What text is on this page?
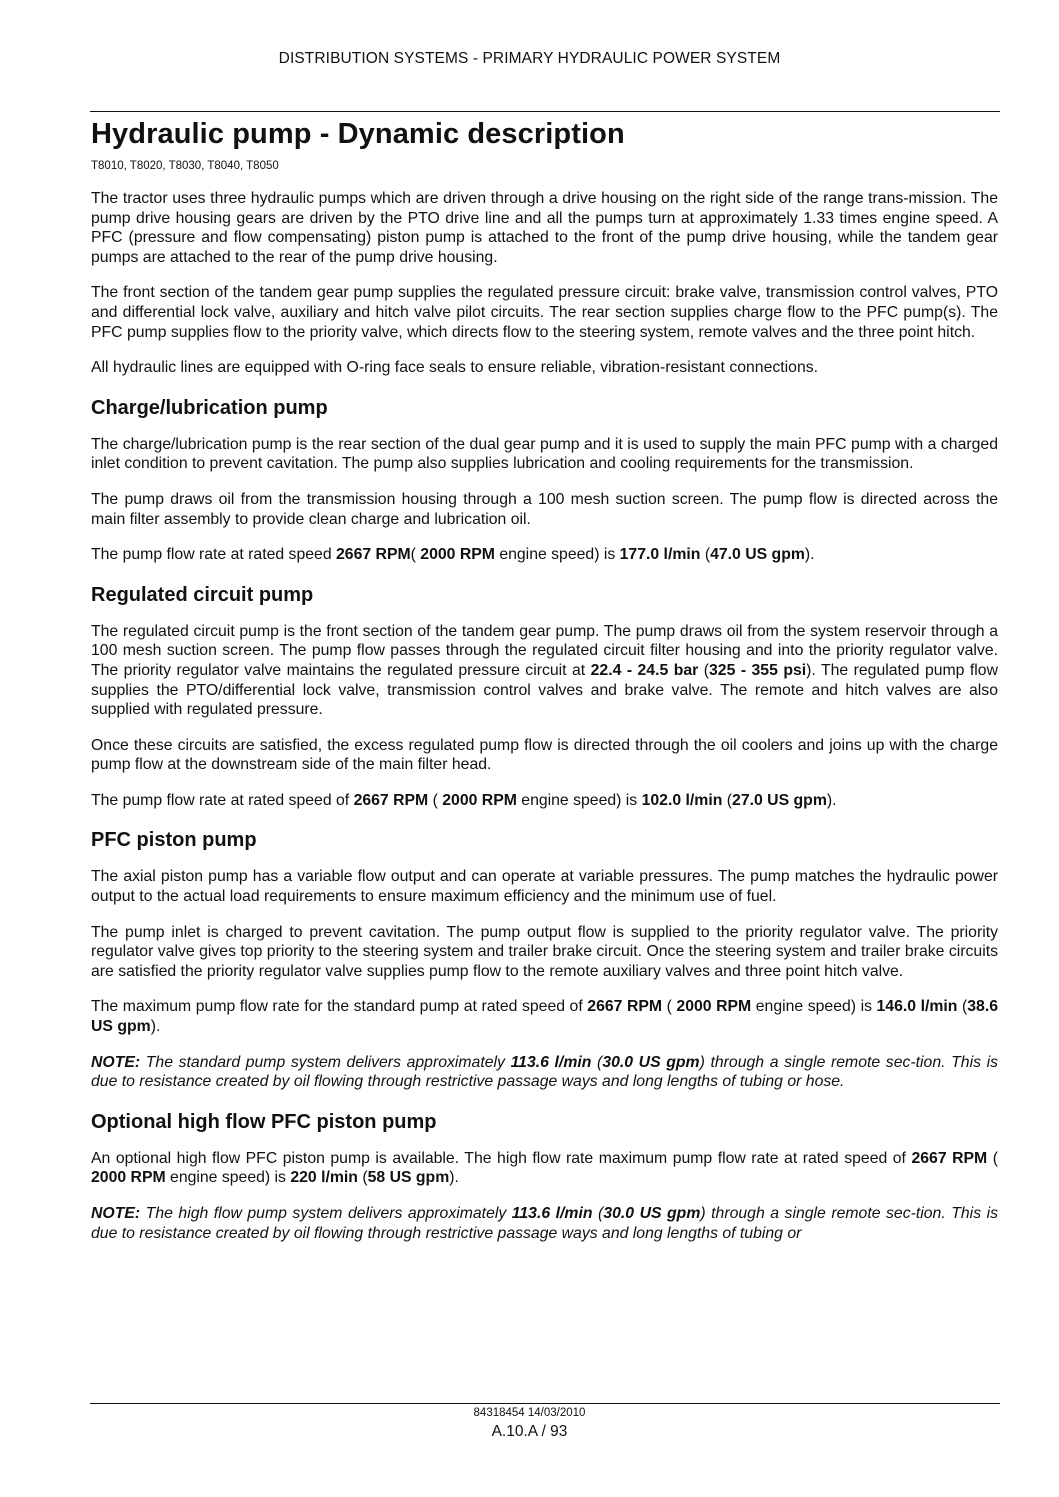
DISTRIBUTION SYSTEMS - PRIMARY HYDRAULIC POWER SYSTEM
Hydraulic pump - Dynamic description
T8010, T8020, T8030, T8040, T8050

The tractor uses three hydraulic pumps which are driven through a drive housing on the right side of the range trans-mission. The pump drive housing gears are driven by the PTO drive line and all the pumps turn at approximately 1.33 times engine speed. A PFC (pressure and flow compensating) piston pump is attached to the front of the pump drive housing, while the tandem gear pumps are attached to the rear of the pump drive housing.

The front section of the tandem gear pump supplies the regulated pressure circuit: brake valve, transmission control valves, PTO and differential lock valve, auxiliary and hitch valve pilot circuits. The rear section supplies charge flow to the PFC pump(s). The PFC pump supplies flow to the priority valve, which directs flow to the steering system, remote valves and the three point hitch.

All hydraulic lines are equipped with O-ring face seals to ensure reliable, vibration-resistant connections.

Charge/lubrication pump

The charge/lubrication pump is the rear section of the dual gear pump and it is used to supply the main PFC pump with a charged inlet condition to prevent cavitation. The pump also supplies lubrication and cooling requirements for the transmission.

The pump draws oil from the transmission housing through a 100 mesh suction screen. The pump flow is directed across the main filter assembly to provide clean charge and lubrication oil.

The pump flow rate at rated speed 2667 RPM( 2000 RPM engine speed) is 177.0 l/min (47.0 US gpm).

Regulated circuit pump

The regulated circuit pump is the front section of the tandem gear pump. The pump draws oil from the system reservoir through a 100 mesh suction screen. The pump flow passes through the regulated circuit filter housing and into the priority regulator valve. The priority regulator valve maintains the regulated pressure circuit at 22.4 - 24.5 bar (325 - 355 psi). The regulated pump flow supplies the PTO/differential lock valve, transmission control valves and brake valve. The remote and hitch valves are also supplied with regulated pressure.

Once these circuits are satisfied, the excess regulated pump flow is directed through the oil coolers and joins up with the charge pump flow at the downstream side of the main filter head.

The pump flow rate at rated speed of 2667 RPM ( 2000 RPM engine speed) is 102.0 l/min (27.0 US gpm).

PFC piston pump

The axial piston pump has a variable flow output and can operate at variable pressures. The pump matches the hydraulic power output to the actual load requirements to ensure maximum efficiency and the minimum use of fuel.

The pump inlet is charged to prevent cavitation. The pump output flow is supplied to the priority regulator valve. The priority regulator valve gives top priority to the steering system and trailer brake circuit. Once the steering system and trailer brake circuits are satisfied the priority regulator valve supplies pump flow to the remote auxiliary valves and three point hitch valve.

The maximum pump flow rate for the standard pump at rated speed of 2667 RPM ( 2000 RPM engine speed) is 146.0 l/min (38.6 US gpm).

NOTE: The standard pump system delivers approximately 113.6 l/min (30.0 US gpm) through a single remote sec-tion. This is due to resistance created by oil flowing through restrictive passage ways and long lengths of tubing or hose.

Optional high flow PFC piston pump

An optional high flow PFC piston pump is available. The high flow rate maximum pump flow rate at rated speed of 2667 RPM ( 2000 RPM engine speed) is 220 l/min (58 US gpm).

NOTE: The high flow pump system delivers approximately 113.6 l/min (30.0 US gpm) through a single remote sec-tion. This is due to resistance created by oil flowing through restrictive passage ways and long lengths of tubing or

84318454 14/03/2010
A.10.A / 93
